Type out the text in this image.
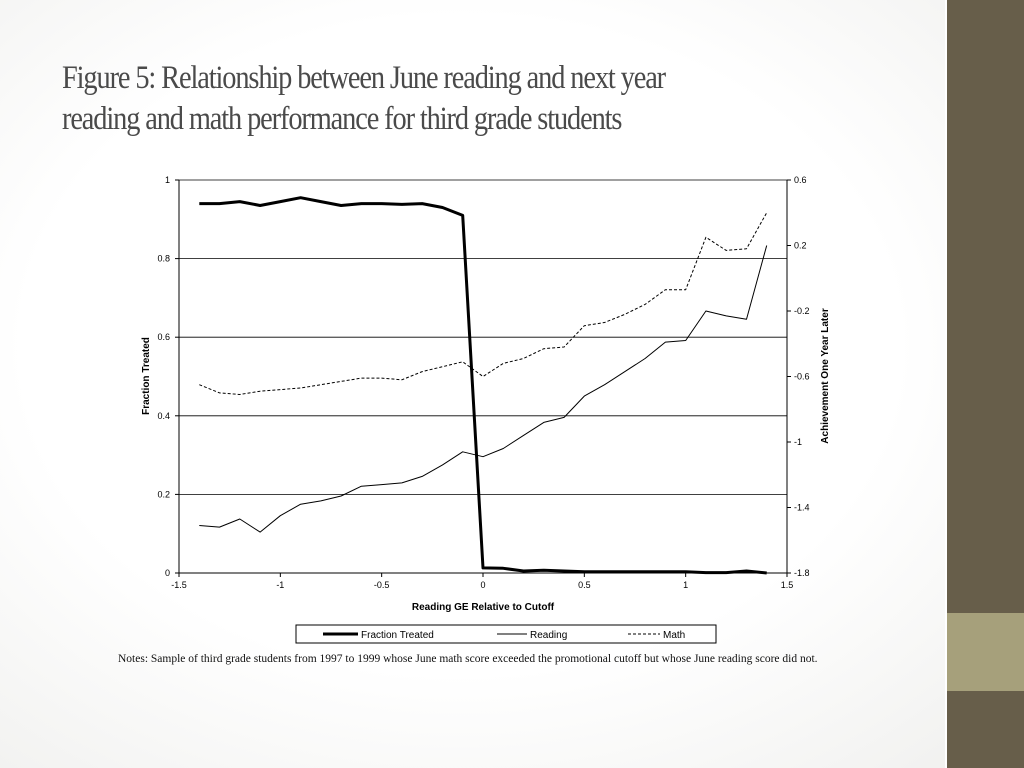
Figure 5: Relationship between June reading and next year
reading and math performance for third grade students
-1.5	-1	-0.5	0	0.5	1	1.5
0
0.2
0.4
0.6
0.8
1
-1.8
-1.4
-1
-0.6
-0.2
0.2
0.6
Reading GE Relative to Cutoff
Fraction Treated	Achievement One Year Later
Fraction Treated	Reading	Math
Notes: Sample of third grade students from 1997 to 1999 whose June math score exceeded the promotional cutoff but whose June reading score did not.
